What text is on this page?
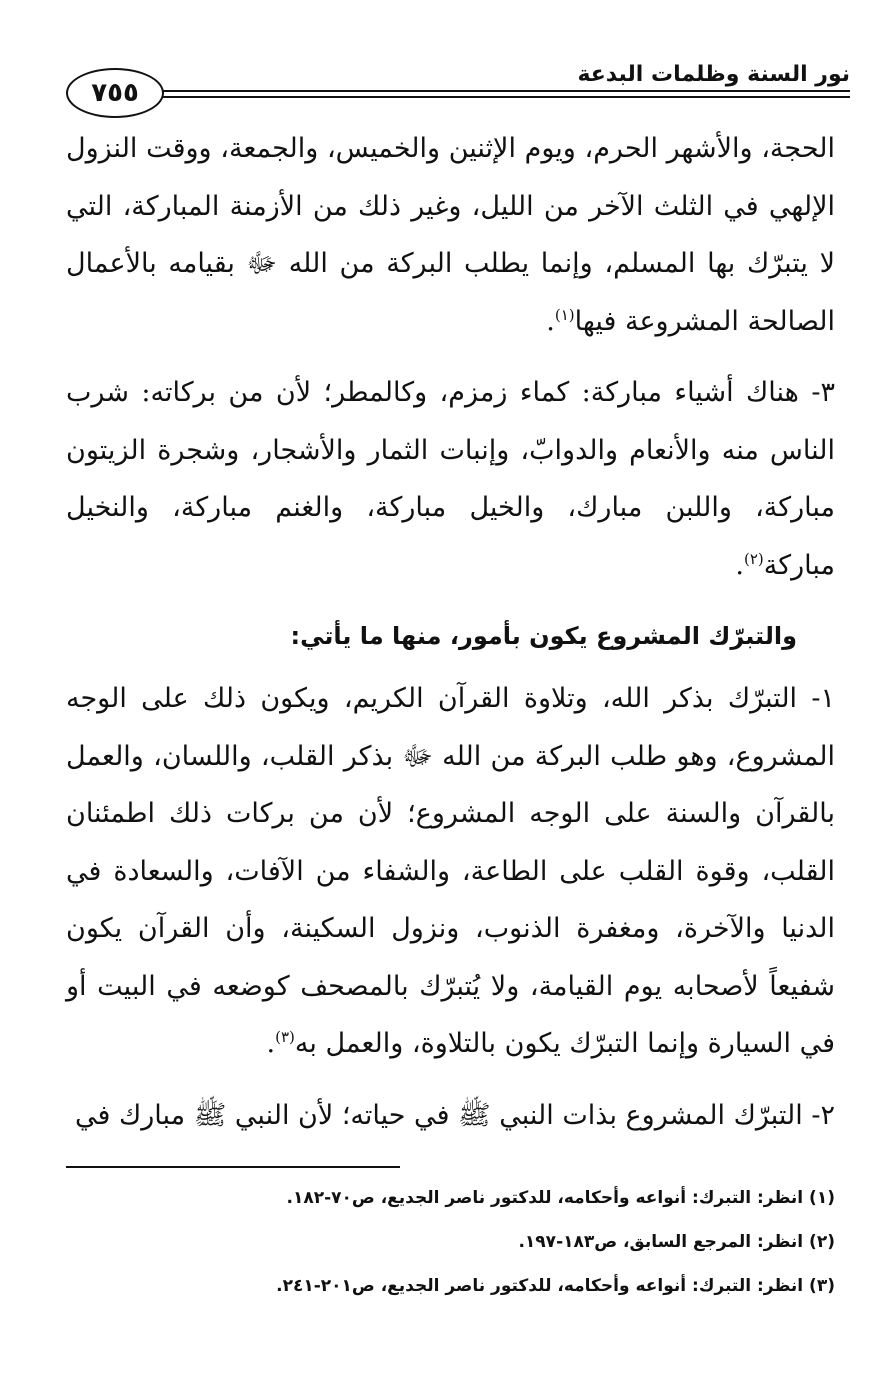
نور السنة وظلمات البدعة
٧٥٥

الحجة، والأشهر الحرم، ويوم الإثنين والخميس، والجمعة، ووقت النزول الإلهي في الثلث الآخر من الليل، وغير ذلك من الأزمنة المباركة، التي لا يتبرّك بها المسلم، وإنما يطلب البركة من الله ﷻ بقيامه بالأعمال الصالحة المشروعة فيها$^{(١)}$.

٣- هناك أشياء مباركة: كماء زمزم، وكالمطر؛ لأن من بركاته: شرب الناس منه والأنعام والدوابّ، وإنبات الثمار والأشجار، وشجرة الزيتون مباركة، واللبن مبارك، والخيل مباركة، والغنم مباركة، والنخيل مباركة$^{(٢)}$.

والتبرّك المشروع يكون بأمور، منها ما يأتي:

١- التبرّك بذكر الله، وتلاوة القرآن الكريم، ويكون ذلك على الوجه المشروع، وهو طلب البركة من الله ﷻ بذكر القلب، واللسان، والعمل بالقرآن والسنة على الوجه المشروع؛ لأن من بركات ذلك اطمئنان القلب، وقوة القلب على الطاعة، والشفاء من الآفات، والسعادة في الدنيا والآخرة، ومغفرة الذنوب، ونزول السكينة، وأن القرآن يكون شفيعاً لأصحابه يوم القيامة، ولا يُتبرّك بالمصحف كوضعه في البيت أو في السيارة وإنما التبرّك يكون بالتلاوة، والعمل به$^{(٣)}$.

٢- التبرّك المشروع بذات النبي ﷺ في حياته؛ لأن النبي ﷺ مبارك في

(١) انظر: التبرك: أنواعه وأحكامه، للدكتور ناصر الجديع، ص٧٠-١٨٢.
(٢) انظر: المرجع السابق، ص١٨٣-١٩٧.
(٣) انظر: التبرك: أنواعه وأحكامه، للدكتور ناصر الجديع، ص٢٠١-٢٤١.
